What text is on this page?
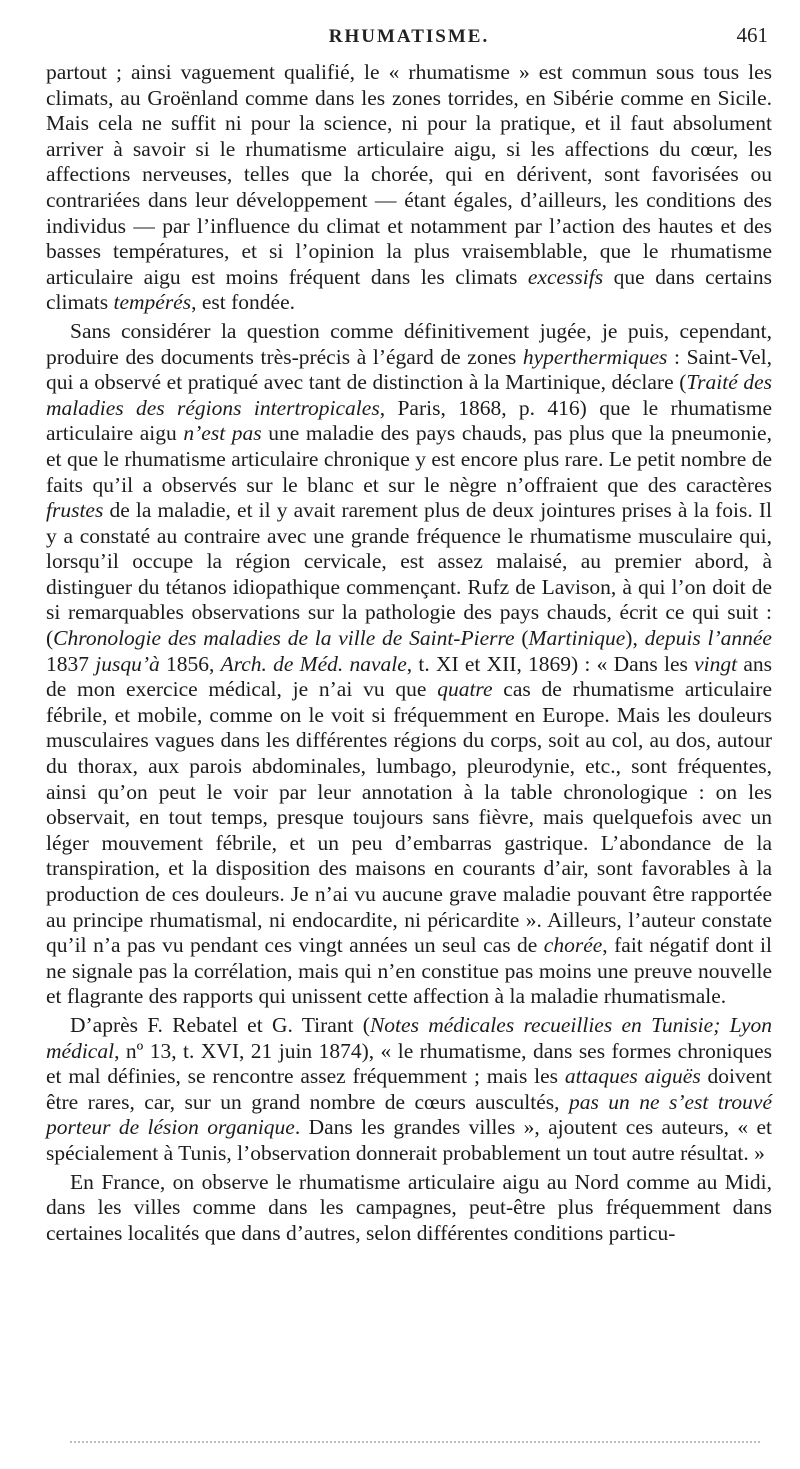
RHUMATISME.	461

partout ; ainsi vaguement qualifié, le « rhumatisme » est commun sous tous les climats, au Groënland comme dans les zones torrides, en Sibérie comme en Sicile. Mais cela ne suffit ni pour la science, ni pour la pratique, et il faut absolument arriver à savoir si le rhumatisme articulaire aigu, si les affections du cœur, les affections nerveuses, telles que la chorée, qui en dérivent, sont favorisées ou contrariées dans leur développement — étant égales, d’ailleurs, les conditions des individus — par l’influence du climat et notamment par l’action des hautes et des basses températures, et si l’opinion la plus vraisemblable, que le rhumatisme articulaire aigu est moins fréquent dans les climats excessifs que dans certains climats tempérés, est fondée.

Sans considérer la question comme définitivement jugée, je puis, cependant, produire des documents très-précis à l’égard de zones hyperthermiques : Saint-Vel, qui a observé et pratiqué avec tant de distinction à la Martinique, déclare (Traité des maladies des régions intertropicales, Paris, 1868, p. 416) que le rhumatisme articulaire aigu n’est pas une maladie des pays chauds, pas plus que la pneumonie, et que le rhumatisme articulaire chronique y est encore plus rare. Le petit nombre de faits qu’il a observés sur le blanc et sur le nègre n’offraient que des caractères frustes de la maladie, et il y avait rarement plus de deux jointures prises à la fois. Il y a constaté au contraire avec une grande fréquence le rhumatisme musculaire qui, lorsqu’il occupe la région cervicale, est assez malaisé, au premier abord, à distinguer du tétanos idiopathique commençant. Rufz de Lavison, à qui l’on doit de si remarquables observations sur la pathologie des pays chauds, écrit ce qui suit : (Chronologie des maladies de la ville de Saint-Pierre (Martinique), depuis l’année 1837 jusqu’à 1856, Arch. de Méd. navale, t. XI et XII, 1869) : « Dans les vingt ans de mon exercice médical, je n’ai vu que quatre cas de rhumatisme articulaire fébrile, et mobile, comme on le voit si fréquemment en Europe. Mais les douleurs musculaires vagues dans les différentes régions du corps, soit au col, au dos, autour du thorax, aux parois abdominales, lumbago, pleurodynie, etc., sont fréquentes, ainsi qu’on peut le voir par leur annotation à la table chronologique : on les observait, en tout temps, presque toujours sans fièvre, mais quelquefois avec un léger mouvement fébrile, et un peu d’embarras gastrique. L’abondance de la transpiration, et la disposition des maisons en courants d’air, sont favorables à la production de ces douleurs. Je n’ai vu aucune grave maladie pouvant être rapportée au principe rhumatismal, ni endocardite, ni péricardite ». Ailleurs, l’auteur constate qu’il n’a pas vu pendant ces vingt années un seul cas de chorée, fait négatif dont il ne signale pas la corrélation, mais qui n’en constitue pas moins une preuve nouvelle et flagrante des rapports qui unissent cette affection à la maladie rhumatismale.

D’après F. Rebatel et G. Tirant (Notes médicales recueillies en Tunisie; Lyon médical, nº 13, t. XVI, 21 juin 1874), « le rhumatisme, dans ses formes chroniques et mal définies, se rencontre assez fréquemment ; mais les attaques aiguës doivent être rares, car, sur un grand nombre de cœurs auscultés, pas un ne s’est trouvé porteur de lésion organique. Dans les grandes villes », ajoutent ces auteurs, « et spécialement à Tunis, l’observation donnerait probablement un tout autre résultat. »

En France, on observe le rhumatisme articulaire aigu au Nord comme au Midi, dans les villes comme dans les campagnes, peut-être plus fréquemment dans certaines localités que dans d’autres, selon différentes conditions particu-
